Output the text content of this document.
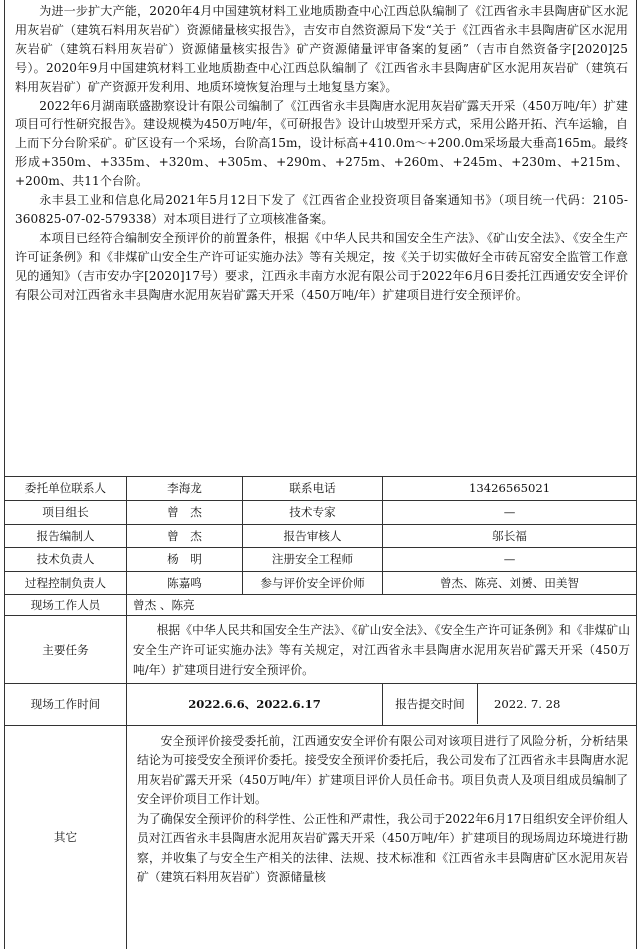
为进一步扩大产能，2020年4月中国建筑材料工业地质勘查中心江西总队编制了《江西省永丰县陶唐矿区水泥用灰岩矿（建筑石料用灰岩矿）资源储量核实报告》，吉安市自然资源局下发“关于《江西省永丰县陶唐矿区水泥用灰岩矿（建筑石料用灰岩矿）资源储量核实报告》矿产资源储量评审备案的复函”（吉市自然资备字[2020]25号）。2020年9月中国建筑材料工业地质勘查中心江西总队编制了《江西省永丰县陶唐矿区水泥用灰岩矿（建筑石料用灰岩矿）矿产资源开发利用、地质环境恢复治理与土地复垦方案》。

2022年6月湖南联盛勘察设计有限公司编制了《江西省永丰县陶唐水泥用灰岩矿露天开采（450万吨/年）扩建项目可行性研究报告》。建设规模为450万吨/年，《可研报告》设计山坡型开采方式，采用公路开拓、汽车运输，自上而下分台阶采矿。矿区设有一个采场，台阶高15m，设计标高+410.0m～+200.0m采场最大垂高165m。最终形成+350m、+335m、+320m、+305m、+290m、+275m、+260m、+245m、+230m、+215m、+200m、共11个台阶。

永丰县工业和信息化局2021年5月12日下发了《江西省企业投资项目备案通知书》（项目统一代码：2105-360825-07-02-579338）对本项目进行了立项核准备案。

本项目已经符合编制安全预评价的前置条件，根据《中华人民共和国安全生产法》、《矿山安全法》、《安全生产许可证条例》和《非煤矿山安全生产许可证实施办法》等有关规定，按《关于切实做好全市砖瓦窑安全监管工作意见的通知》（吉市安办字[2020]17号）要求，江西永丰南方水泥有限公司于2022年6月6日委托江西通安安全评价有限公司对江西省永丰县陶唐水泥用灰岩矿露天开采（450万吨/年）扩建项目进行安全预评价。			

委托单位联系人	李海龙	联系电话	13426565021
项目组长	曾　杰	技术专家	—
报告编制人	曾　杰	报告审核人	邬长福
技术负责人	杨　明	注册安全工程师	—
过程控制负责人	陈嘉鸣	参与评价安全评价师	曾杰、陈亮、刘赟、田美智
现场工作人员	曾杰 、陈亮		
主要任务	根据《中华人民共和国安全生产法》、《矿山安全法》、《安全生产许可证条例》和《非煤矿山安全生产许可证实施办法》等有关规定，对江西省永丰县陶唐水泥用灰岩矿露天开采（450万吨/年）扩建项目进行安全预评价。		

现场工作时间	2022.6.6、2022.6.17		报告提交时间 2022. 7. 28

其它	安全预评价接受委托前，江西通安安全评价有限公司对该项目进行了风险分析，分析结果结论为可接受安全预评价委托。接受安全预评价委托后，我公司发布了江西省永丰县陶唐水泥用灰岩矿露天开采（450万吨/年）扩建项目评价人员任命书。项目负责人及项目组成员编制了安全评价项目工作计划。

为了确保安全预评价的科学性、公正性和严肃性，我公司于2022年6月17日组织安全评价组人员对江西省永丰县陶唐水泥用灰岩矿露天开采（450万吨/年）扩建项目的现场周边环境进行勘察，并收集了与安全生产相关的法律、法规、技术标准和《江西省永丰县陶唐矿区水泥用灰岩矿（建筑石料用灰岩矿）资源储量核		
